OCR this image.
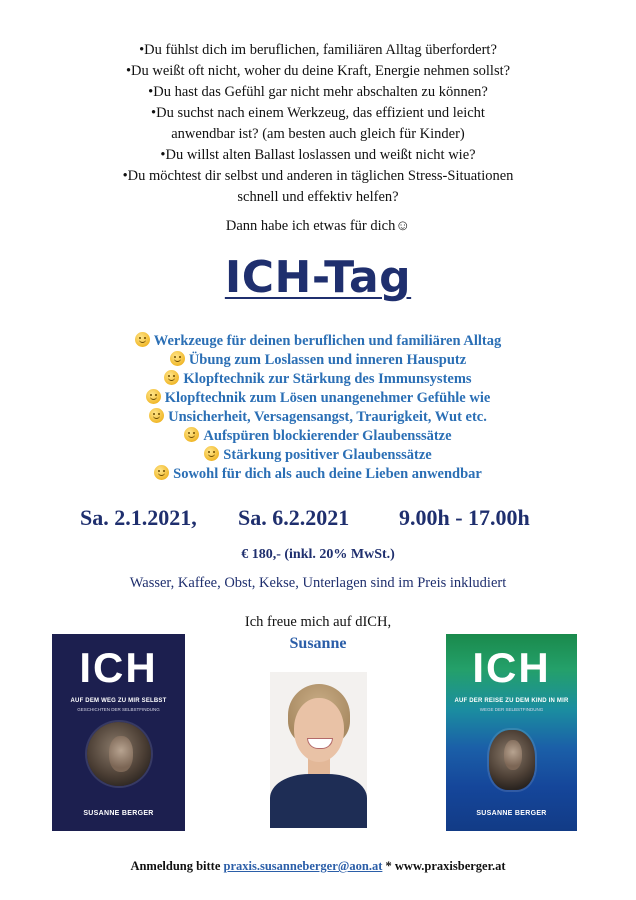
•Du fühlst dich im beruflichen, familiären Alltag überfordert?

•Du weißt oft nicht, woher du deine Kraft, Energie nehmen sollst?

•Du hast das Gefühl gar nicht mehr abschalten zu können?

•Du suchst nach einem Werkzeug, das effizient und leicht

anwendbar ist? (am besten auch gleich für Kinder)

•Du willst alten Ballast loslassen und weißt nicht wie?

•Du möchtest dir selbst und anderen in täglichen Stress-Situationen

schnell und effektiv helfen?

Dann habe ich etwas für dich☺
ICH-Tag
Werkzeuge für deinen beruflichen und familiären Alltag
Übung zum Loslassen und inneren Hausputz
Klopftechnik zur Stärkung des Immunsystems
Klopftechnik zum Lösen unangenehmer Gefühle wie
Unsicherheit, Versagensangst, Traurigkeit, Wut etc.
Aufspüren blockierender Glaubenssätze
Stärkung positiver Glaubenssätze
Sowohl für dich als auch deine Lieben anwendbar
Sa. 2.1.2021, Sa. 6.2.2021 9.00h - 17.00h
€ 180,- (inkl. 20% MwSt.)
Wasser, Kaffee, Obst, Kekse, Unterlagen sind im Preis inkludiert
Ich freue mich auf dICH,
Susanne
ICH
AUF DEM WEG ZU MIR SELBST
GESCHICHTEN DER SELBSTFINDUNG
SUSANNE BERGER
ICH
AUF DER REISE ZU DEM KIND IN MIR
WEGE DER SELBSTFINDUNG
SUSANNE BERGER
Anmeldung bitte praxis.susanneberger@aon.at * www.praxisberger.at
